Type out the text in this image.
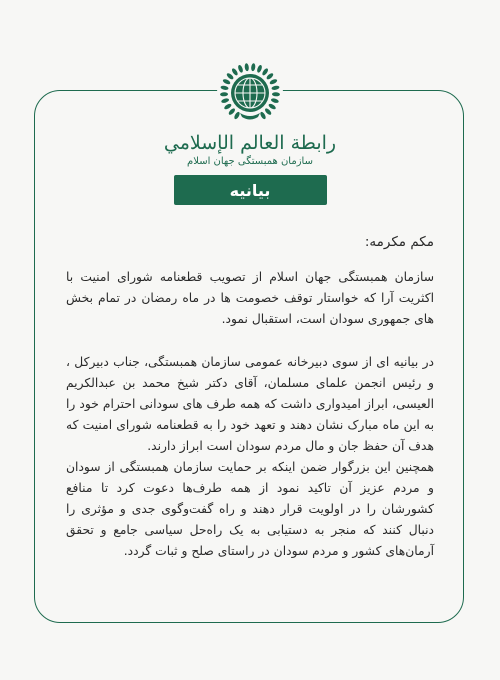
رابطة العالم الإسلامي
سازمان همبستگی جهان اسلام
بیانیه

مکم مکرمه:

سازمان همبستگی جهان اسلام از تصویب قطعنامه شورای امنیت با اکثریت آرا که خواستار توقف خصومت ها در ماه رمضان در تمام بخش های جمهوری سودان است، استقبال نمود.

در بیانیه ای از سوی دبیرخانه عمومی سازمان همبستگی، جناب دبیرکل ، و رئیس انجمن علمای مسلمان، آقای دکتر شیخ محمد بن عبدالکریم العیسی، ابراز امیدواری داشت که همه طرف های سودانی احترام خود را به این ماه مبارک نشان دهند و تعهد خود را به قطعنامه شورای امنیت که هدف آن حفظ جان و مال مردم سودان است ابراز دارند.

همچنین این بزرگوار ضمن اینکه بر حمایت سازمان همبستگی از سودان و مردم عزیز آن تاکید نمود از همه طرف‌ها دعوت کرد تا منافع کشورشان را در اولویت قرار دهند و راه گفت‌وگوی جدی و مؤثری را دنبال کنند که منجر به دستیابی به یک راه‌حل سیاسی جامع و تحقق آرمان‌های کشور و مردم سودان در راستای صلح و ثبات گردد.
